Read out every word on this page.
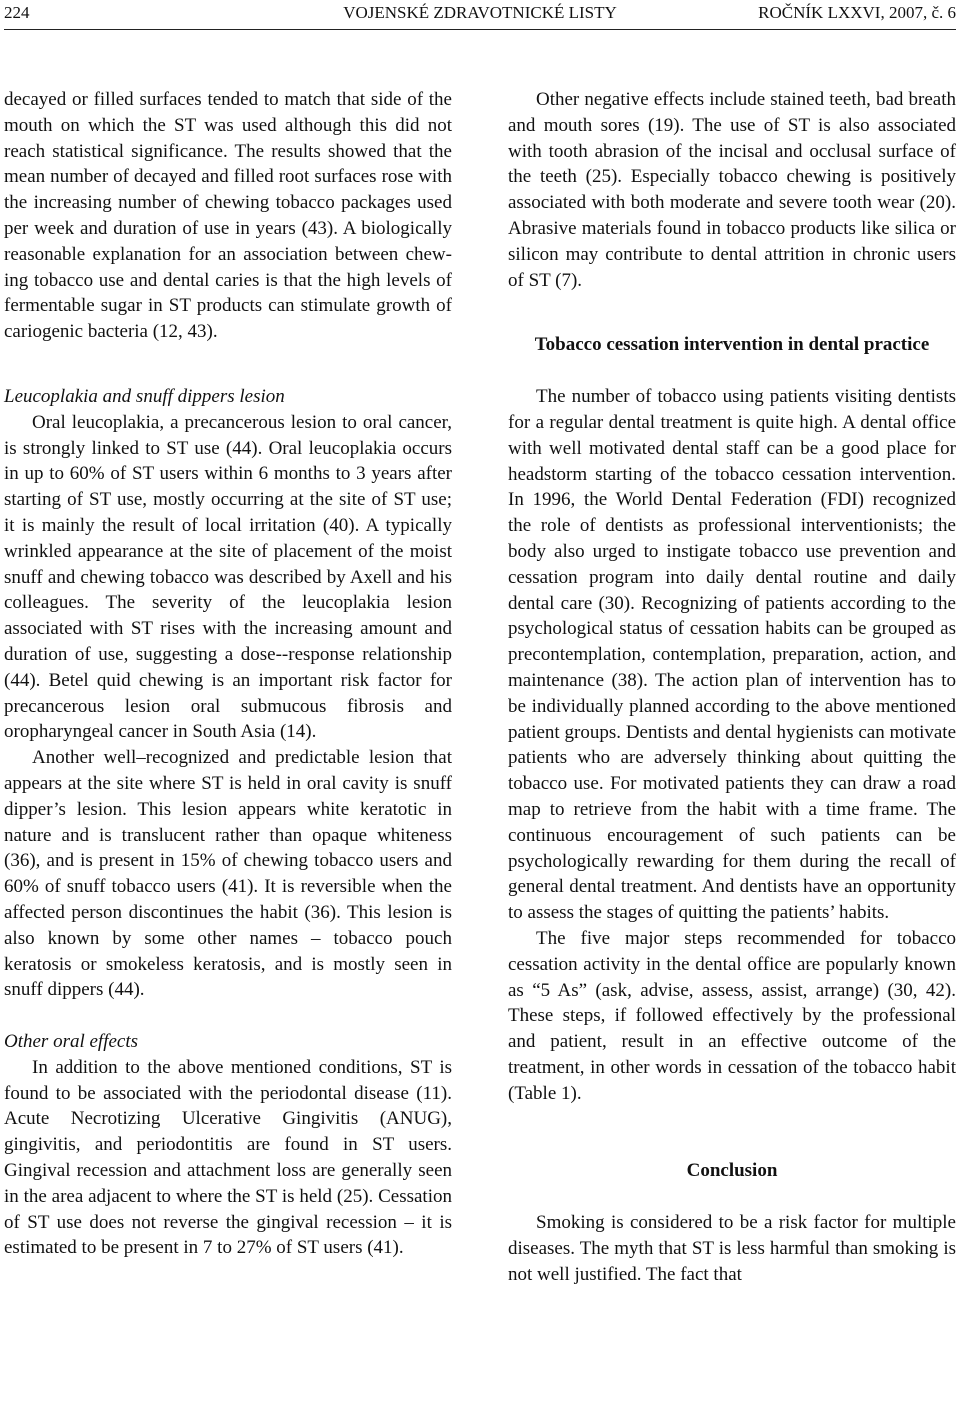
224	VOJENSKÉ ZDRAVOTNICKÉ LISTY	ROČNÍK LXXVI, 2007, č. 6

decayed or filled surfaces tended to match that side of the mouth on which the ST was used although this did not reach statistical significance. The results showed that the mean number of decayed and filled root surfaces rose with the increasing number of chewing tobacco packages used per week and duration of use in years (43). A biologically reasonable explanation for an association between chewing tobacco use and dental caries is that the high levels of fermentable sugar in ST products can stimulate growth of cariogenic bacteria (12, 43).

Leucoplakia and snuff dippers lesion

Oral leucoplakia, a precancerous lesion to oral cancer, is strongly linked to ST use (44). Oral leucoplakia occurs in up to 60% of ST users within 6 months to 3 years after starting of ST use, mostly occurring at the site of ST use; it is mainly the result of local irritation (40). A typically wrinkled appearance at the site of placement of the moist snuff and chewing tobacco was described by Axell and his colleagues. The severity of the leucoplakia lesion associated with ST rises with the increasing amount and duration of use, suggesting a dose--response relationship (44). Betel quid chewing is an important risk factor for precancerous lesion oral submucous fibrosis and oropharyngeal cancer in South Asia (14).

Another well–recognized and predictable lesion that appears at the site where ST is held in oral cavity is snuff dipper’s lesion. This lesion appears white keratotic in nature and is translucent rather than opaque whiteness (36), and is present in 15% of chewing tobacco users and 60% of snuff tobacco users (41). It is reversible when the affected person discontinues the habit (36). This lesion is also known by some other names – tobacco pouch keratosis or smokeless keratosis, and is mostly seen in snuff dippers (44).

Other oral effects

In addition to the above mentioned conditions, ST is found to be associated with the periodontal disease (11). Acute Necrotizing Ulcerative Gingivitis (ANUG), gingivitis, and periodontitis are found in ST users. Gingival recession and attachment loss are generally seen in the area adjacent to where the ST is held (25). Cessation of ST use does not reverse the gingival recession – it is estimated to be present in 7 to 27% of ST users (41).

Other negative effects include stained teeth, bad breath and mouth sores (19). The use of ST is also associated with tooth abrasion of the incisal and occlusal surface of the teeth (25). Especially tobacco chewing is positively associated with both moderate and severe tooth wear (20). Abrasive materials found in tobacco products like silica or silicon may contribute to dental attrition in chronic users of ST (7).

Tobacco cessation intervention in dental practice

The number of tobacco using patients visiting dentists for a regular dental treatment is quite high. A dental office with well motivated dental staff can be a good place for headstorm starting of the tobacco cessation intervention. In 1996, the World Dental Federation (FDI) recognized the role of dentists as professional interventionists; the body also urged to instigate tobacco use prevention and cessation program into daily dental routine and daily dental care (30). Recognizing of patients according to the psychological status of cessation habits can be grouped as precontemplation, contemplation, preparation, action, and maintenance (38). The action plan of intervention has to be individually planned according to the above mentioned patient groups. Dentists and dental hygienists can motivate patients who are adversely thinking about quitting the tobacco use. For motivated patients they can draw a road map to retrieve from the habit with a time frame. The continuous encouragement of such patients can be psychologically rewarding for them during the recall of general dental treatment. And dentists have an opportunity to assess the stages of quitting the patients’ habits.

The five major steps recommended for tobacco cessation activity in the dental office are popularly known as “5 As” (ask, advise, assess, assist, arrange) (30, 42). These steps, if followed effectively by the professional and patient, result in an effective outcome of the treatment, in other words in cessation of the tobacco habit (Table 1).

Conclusion

Smoking is considered to be a risk factor for multiple diseases. The myth that ST is less harmful than smoking is not well justified. The fact that
